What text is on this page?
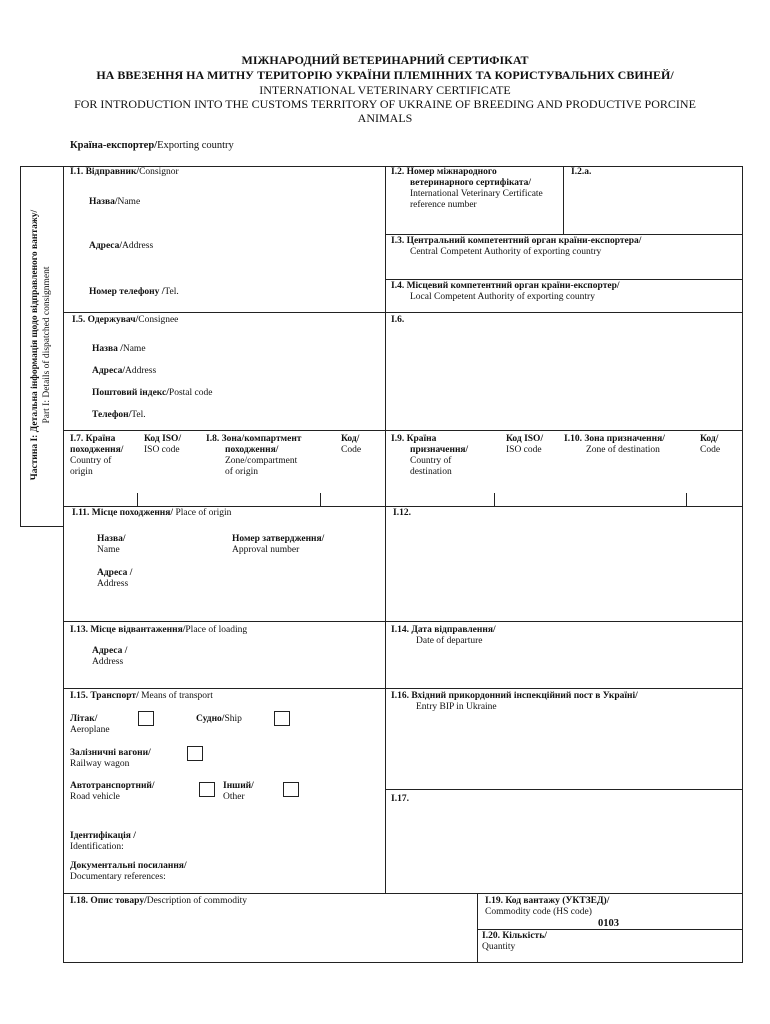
МІЖНАРОДНИЙ ВЕТЕРИНАРНИЙ СЕРТИФІКАТ
НА ВВЕЗЕННЯ НА МИТНУ ТЕРИТОРІЮ УКРАЇНИ ПЛЕМІННИХ ТА КОРИСТУВАЛЬНИХ СВИНЕЙ/
INTERNATIONAL VETERINARY CERTIFICATE
FOR INTRODUCTION INTO THE CUSTOMS TERRITORY OF UKRAINE OF BREEDING AND PRODUCTIVE PORCINE
ANIMALS
Країна-експортер/Exporting country
Частина I: Детальна інформація щодо відправленого вантажу/ Part I: Details of dispatched consignment
I.1. Відправник/Consignor
Назва/Name
Адреса/Address
Номер телефону /Tel.
I.2. Номер міжнародного
ветеринарного сертифіката/
International Veterinary Certificate
reference number
I.2.a.
I.3. Центральний компетентний орган країни-експортера/
Central Competent Authority of exporting country
I.4. Місцевий компетентний орган країни-експортер/
Local Competent Authority of exporting country
I.5. Одержувач/Consignee
Назва /Name
Адреса/Address
Поштовий індекс/Postal code
Телефон/Tel.
I.6.
I.7. Країна
походження/
Country of
origin
Код ISO/
ISO code
I.8. Зона/компартмент
походження/
Zone/compartment
of origin
Код/
Code
I.9. Країна
призначення/
Country of
destination
Код ISO/
ISO code
I.10. Зона призначення/
Zone of destination
Код/
Code
I.11. Місце походження/ Place of origin
Назва/
Name
Номер затвердження/
Approval number
Адреса /
Address
I.12.
I.13. Місце відвантаження/Place of loading
Адреса /
Address
I.14. Дата відправлення/
Date of departure
I.15. Транспорт/ Means of transport
Літак/
Aeroplane
Судно/Ship
Залізничні вагони/
Railway wagon
Автотранспортний/
Road vehicle
Інший/
Other
Ідентифікація /
Identification:
Документальні посилання/
Documentary references:
I.16. Вхідний прикордонний інспекційний пост в Україні/
Entry BIP in Ukraine
I.17.
I.18. Опис товару/Description of commodity	I.19. Код вантажу (УКТЗЕД)/
Commodity code (HS code)
0103
I.20. Кількість/
Quantity
